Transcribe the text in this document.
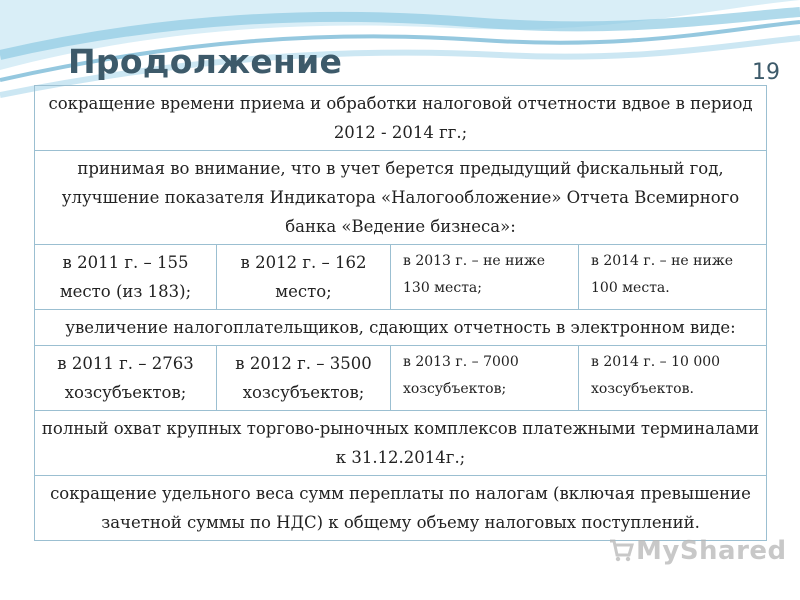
Продолжение	19
сокращение времени приема и обработки налоговой отчетности вдвое в период 2012 - 2014 гг.;			
принимая во внимание, что в учет берется предыдущий фискальный год, улучшение показателя Индикатора «Налогообложение» Отчета Всемирного банка «Ведение бизнеса»:			
в 2011 г. – 155 место (из 183);	в 2012 г. – 162 место;	в 2013 г. – не ниже 130 места;	в 2014 г. – не ниже 100 места.
увеличение налогоплательщиков, сдающих отчетность в электронном виде:			
в 2011 г. – 2763 хозсубъектов;	в 2012 г. – 3500 хозсубъектов;	в 2013 г. – 7000 хозсубъектов;	в 2014 г. – 10 000 хозсубъектов.
полный охват крупных торгово-рыночных комплексов платежными терминалами к 31.12.2014г.;			
сокращение удельного веса сумм переплаты по налогам (включая превышение зачетной суммы по НДС) к общему объему налоговых поступлений.			
MyShared
